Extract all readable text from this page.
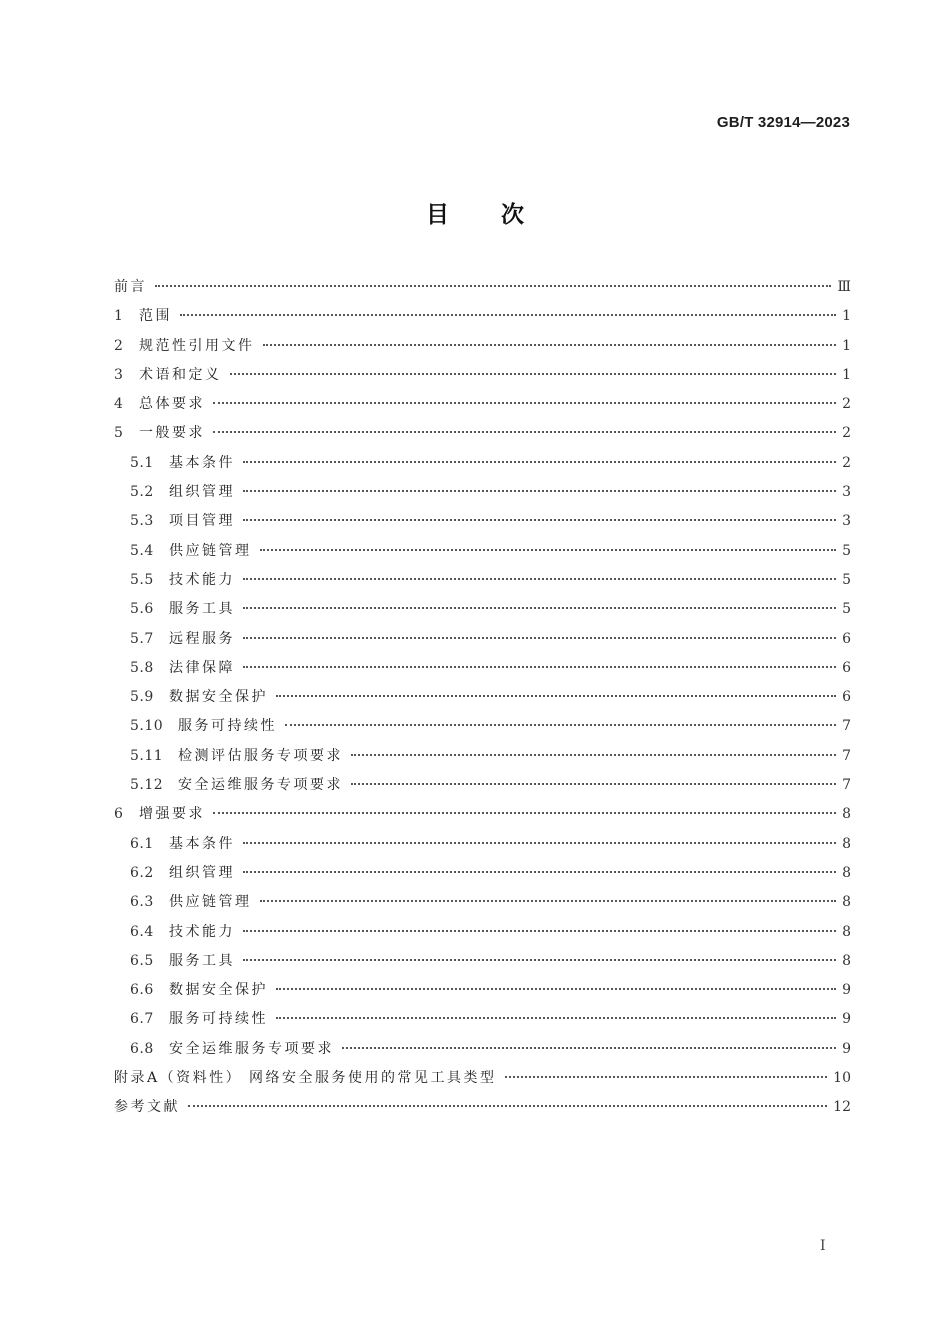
GB/T 32914—2023
目次
前言	Ⅲ
1	范围	1
2	规范性引用文件	1
3	术语和定义	1
4	总体要求	2
5	一般要求	2
5.1	基本条件	2
5.2	组织管理	3
5.3	项目管理	3
5.4	供应链管理	5
5.5	技术能力	5
5.6	服务工具	5
5.7	远程服务	6
5.8	法律保障	6
5.9	数据安全保护	6
5.10	服务可持续性	7
5.11	检测评估服务专项要求	7
5.12	安全运维服务专项要求	7
6	增强要求	8
6.1	基本条件	8
6.2	组织管理	8
6.3	供应链管理	8
6.4	技术能力	8
6.5	服务工具	8
6.6	数据安全保护	9
6.7	服务可持续性	9
6.8	安全运维服务专项要求	9
附录A（资料性） 网络安全服务使用的常见工具类型	10
参考文献	12
I
